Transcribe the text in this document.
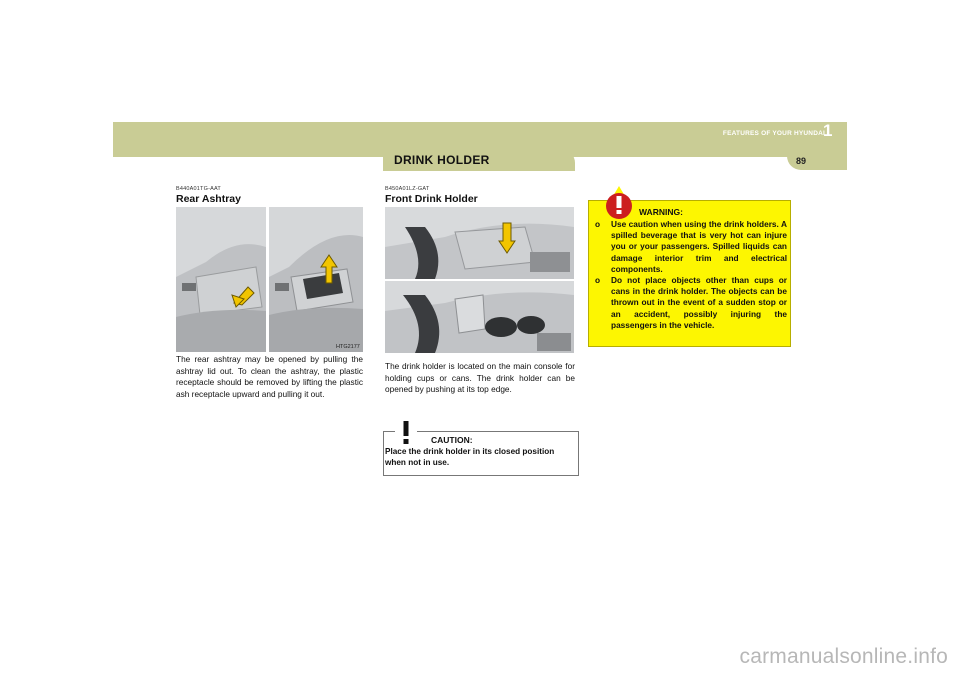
FEATURES OF YOUR HYUNDAI
1
89
DRINK HOLDER
B440A01TG-AAT
Rear Ashtray
HTG2177
The rear ashtray may be opened by pulling the ashtray lid out. To clean the ashtray, the plastic receptacle should be removed by lifting the plastic ash receptacle upward and pulling it out.
B450A01LZ-GAT
Front Drink Holder
The drink holder is located on the main console for holding cups or cans. The drink holder can be opened by pushing at its top edge.
CAUTION:
Place the drink holder in its closed position when not in use.
WARNING:
o Use caution when using the drink holders. A spilled beverage that is very hot can injure you or your passengers. Spilled liquids can damage interior trim and electrical components.
o Do not place objects other than cups or cans in the drink holder. The objects can be thrown out in the event of a sudden stop or an accident, possibly injuring the passengers in the vehicle.
carmanualsonline.info
